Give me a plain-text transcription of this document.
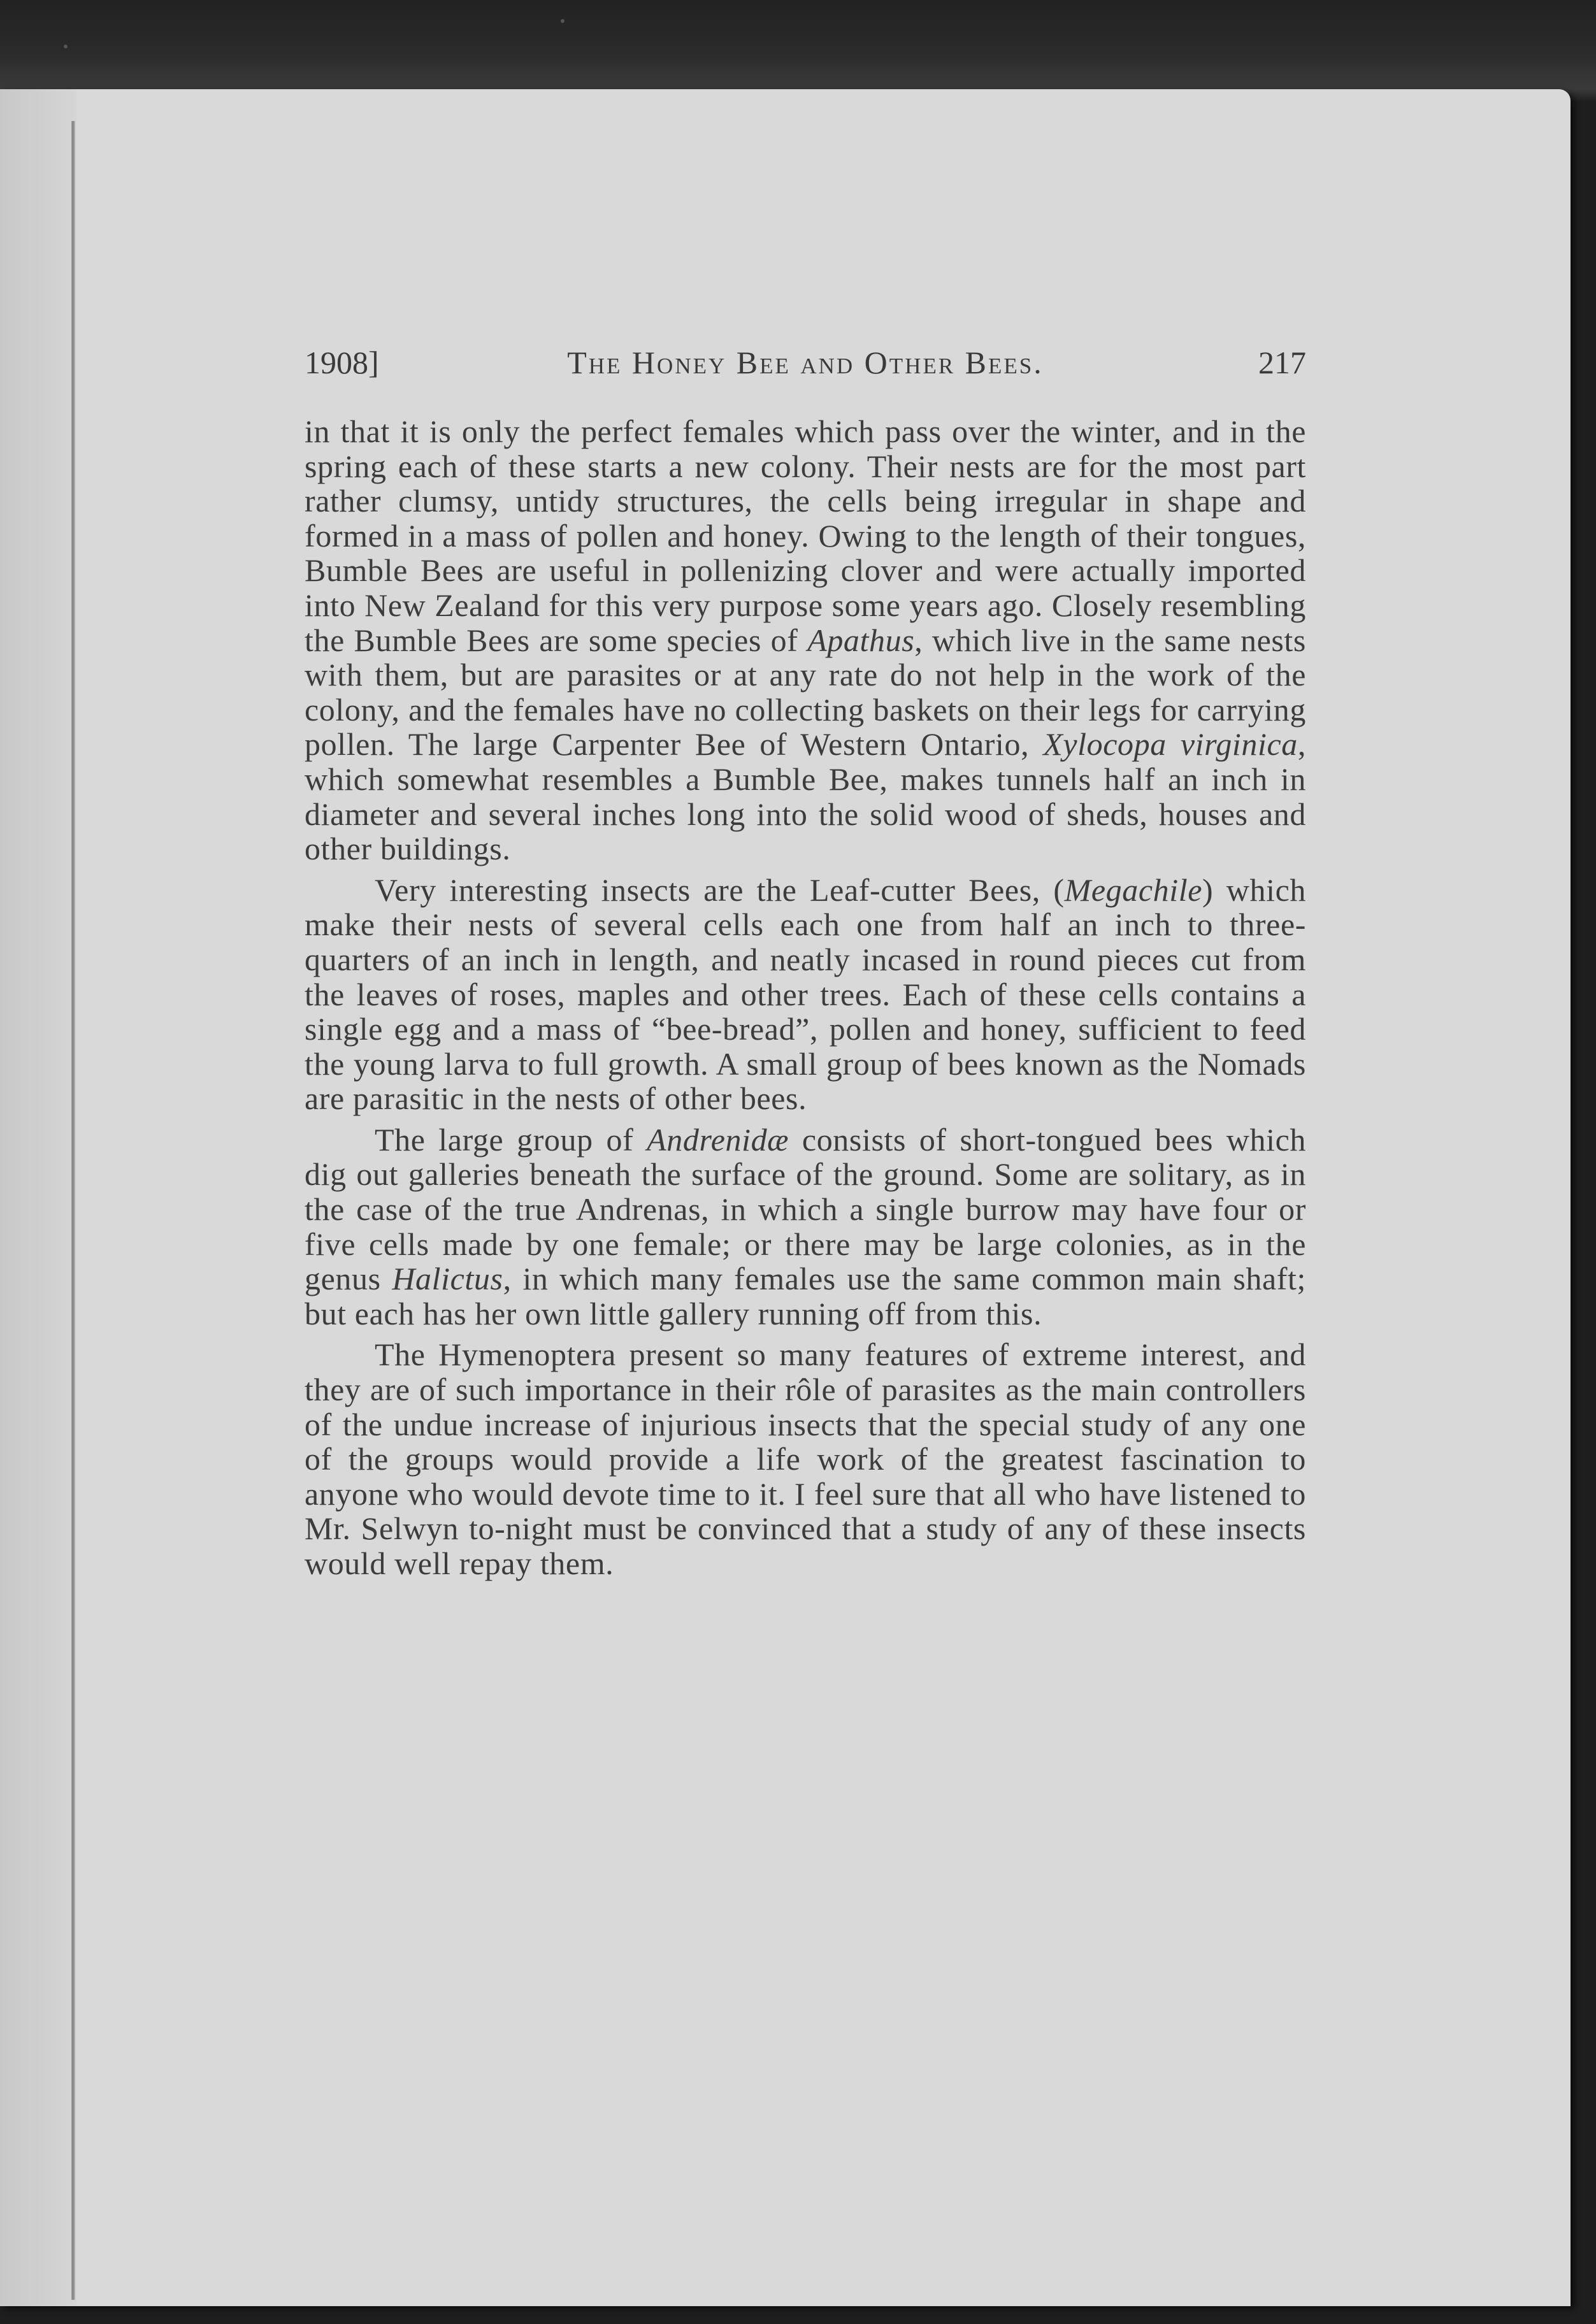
1908]	The Honey Bee and Other Bees.	217

in that it is only the perfect females which pass over the winter, and in the spring each of these starts a new colony. Their nests are for the most part rather clumsy, untidy structures, the cells being irregular in shape and formed in a mass of pollen and honey. Owing to the length of their tongues, Bumble Bees are useful in pollenizing clover and were actually imported into New Zealand for this very purpose some years ago. Closely resembling the Bumble Bees are some species of Apathus, which live in the same nests with them, but are parasites or at any rate do not help in the work of the colony, and the females have no collecting baskets on their legs for carrying pollen. The large Carpenter Bee of Western Ontario, Xylocopa virginica, which somewhat resembles a Bumble Bee, makes tunnels half an inch in diameter and several inches long into the solid wood of sheds, houses and other buildings.

Very interesting insects are the Leaf-cutter Bees, (Megachile) which make their nests of several cells each one from half an inch to three-quarters of an inch in length, and neatly incased in round pieces cut from the leaves of roses, maples and other trees. Each of these cells contains a single egg and a mass of “bee-bread”, pollen and honey, sufficient to feed the young larva to full growth. A small group of bees known as the Nomads are parasitic in the nests of other bees.

The large group of Andrenidæ consists of short-tongued bees which dig out galleries beneath the surface of the ground. Some are solitary, as in the case of the true Andrenas, in which a single burrow may have four or five cells made by one female; or there may be large colonies, as in the genus Halictus, in which many females use the same common main shaft; but each has her own little gallery running off from this.

The Hymenoptera present so many features of extreme interest, and they are of such importance in their rôle of parasites as the main controllers of the undue increase of injurious insects that the special study of any one of the groups would provide a life work of the greatest fascination to anyone who would devote time to it. I feel sure that all who have listened to Mr. Selwyn to-night must be convinced that a study of any of these insects would well repay them.
